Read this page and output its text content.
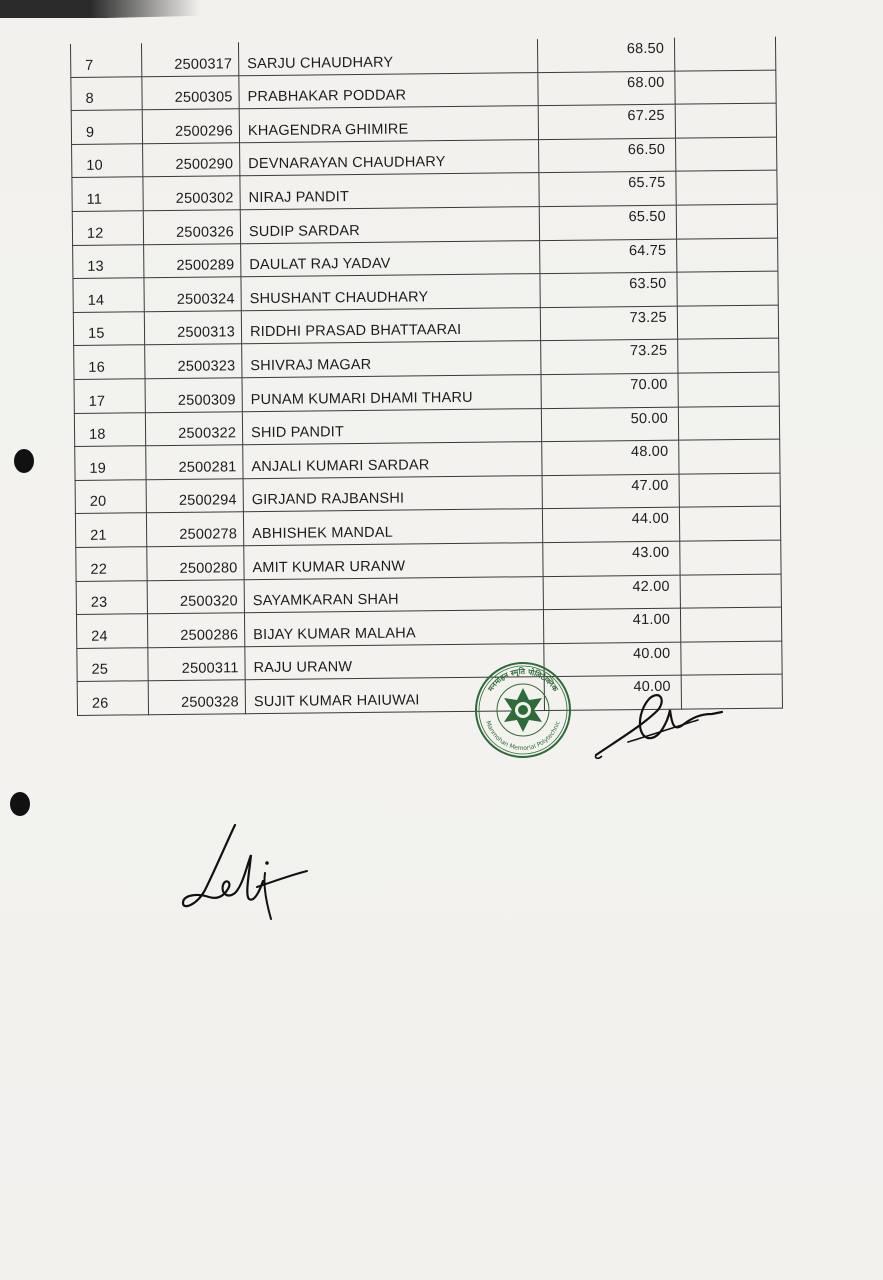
7	2500317	SARJU CHAUDHARY	68.50	
8	2500305	PRABHAKAR PODDAR	68.00	
9	2500296	KHAGENDRA GHIMIRE	67.25	
10	2500290	DEVNARAYAN CHAUDHARY	66.50	
11	2500302	NIRAJ PANDIT	65.75	
12	2500326	SUDIP SARDAR	65.50	
13	2500289	DAULAT RAJ YADAV	64.75	
14	2500324	SHUSHANT CHAUDHARY	63.50	
15	2500313	RIDDHI PRASAD BHATTAARAI	73.25	
16	2500323	SHIVRAJ MAGAR	73.25	
17	2500309	PUNAM KUMARI DHAMI THARU	70.00	
18	2500322	SHID PANDIT	50.00	
19	2500281	ANJALI KUMARI SARDAR	48.00	
20	2500294	GIRJAND RAJBANSHI	47.00	
21	2500278	ABHISHEK MANDAL	44.00	
22	2500280	AMIT KUMAR URANW	43.00	
23	2500320	SAYAMKARAN SHAH	42.00	
24	2500286	BIJAY KUMAR MALAHA	41.00	
25	2500311	RAJU URANW	40.00	
26	2500328	SUJIT KUMAR HAIUWAI	40.00	
मनमोहन स्मृति पोलिटेक्निक
Manmohan Memorial Polytechnic
